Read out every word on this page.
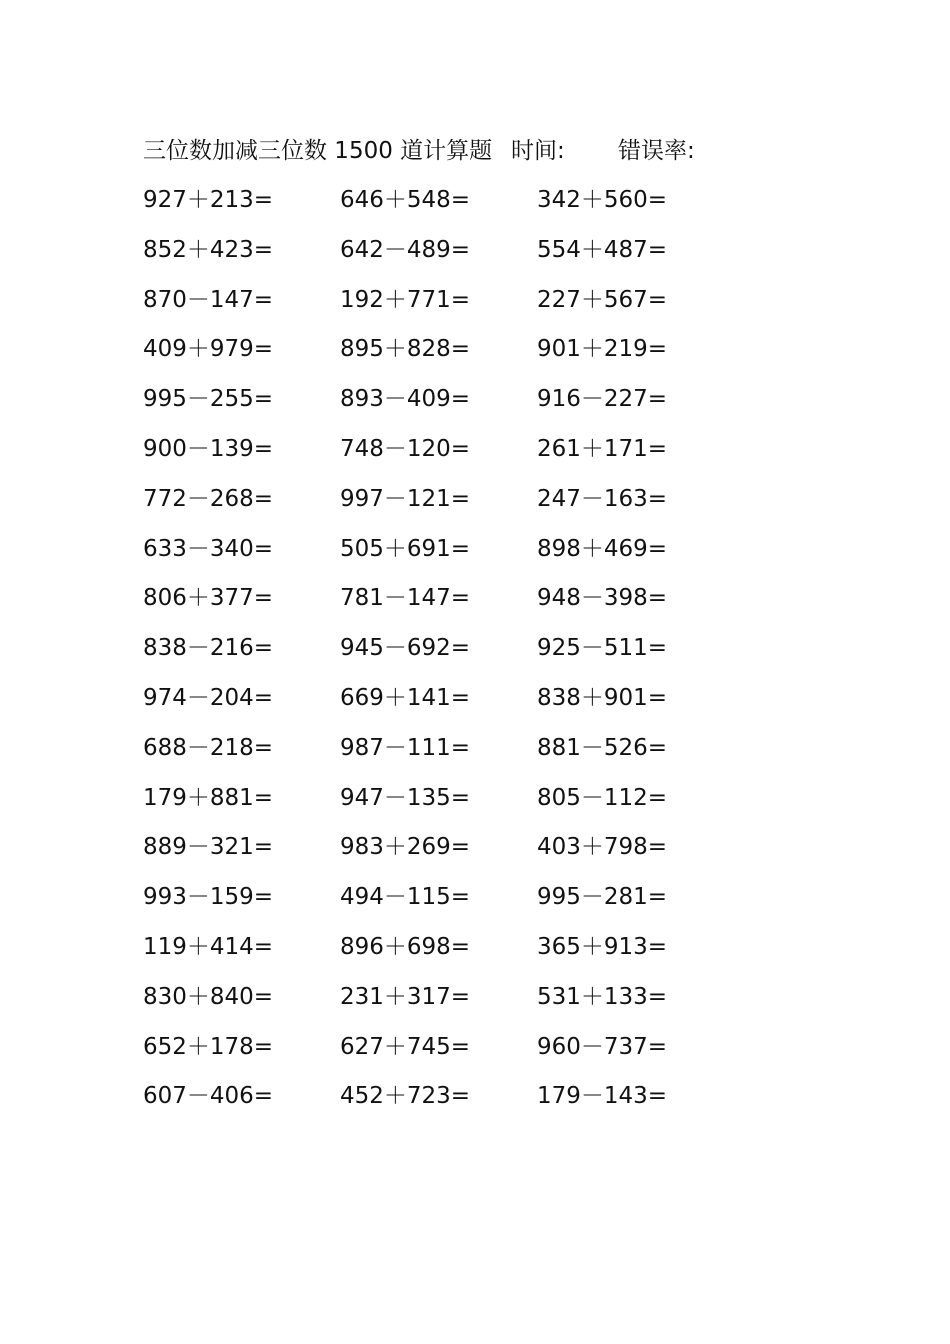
三位数加减三位数 1500 道计算题 时间: 错误率:
927＋213=	646＋548=	342＋560=
852＋423=	642－489=	554＋487=
870－147=	192＋771=	227＋567=
409＋979=	895＋828=	901＋219=
995－255=	893－409=	916－227=
900－139=	748－120=	261＋171=
772－268=	997－121=	247－163=
633－340=	505＋691=	898＋469=
806＋377=	781－147=	948－398=
838－216=	945－692=	925－511=
974－204=	669＋141=	838＋901=
688－218=	987－111=	881－526=
179＋881=	947－135=	805－112=
889－321=	983＋269=	403＋798=
993－159=	494－115=	995－281=
119＋414=	896＋698=	365＋913=
830＋840=	231＋317=	531＋133=
652＋178=	627＋745=	960－737=
607－406=	452＋723=	179－143=
